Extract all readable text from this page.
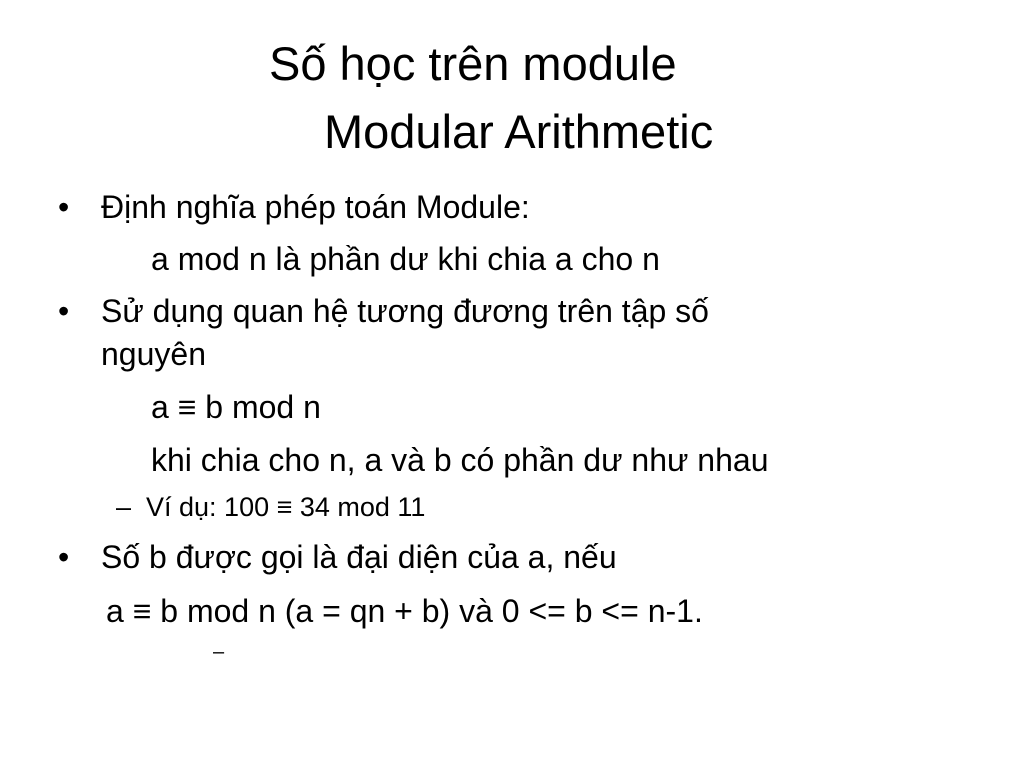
Số học trên module
Modular Arithmetic
• Định nghĩa phép toán Module:
a mod n là phần dư khi chia a cho n
• Sử dụng quan hệ tương đương trên tập số
nguyên
a ≡ b mod n
khi chia cho n, a và b có phần dư như nhau
– Ví dụ: 100 ≡ 34 mod 11
• Số b được gọi là đại diện của a, nếu
a ≡ b mod n (a = qn + b) và 0 <= b <= n-1.
–
